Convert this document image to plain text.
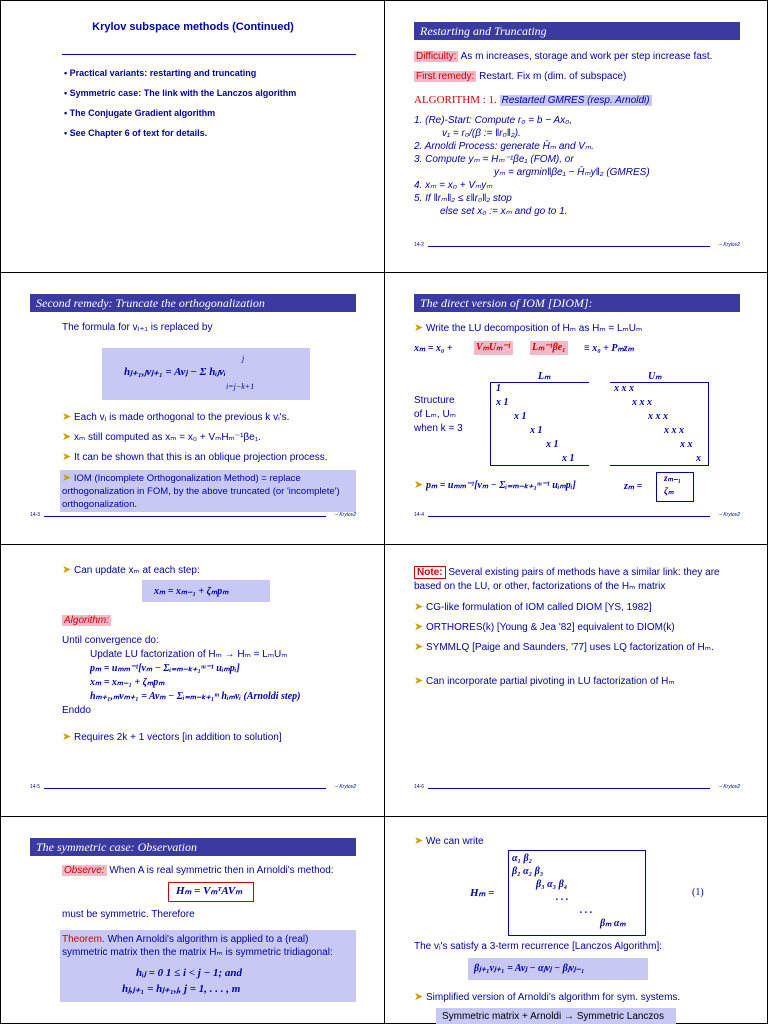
Krylov subspace methods (Continued)
• Practical variants: restarting and truncating
• Symmetric case: The link with the Lanczos algorithm
• The Conjugate Gradient algorithm
• See Chapter 6 of text for details.
Restarting and Truncating
Difficulty: As m increases, storage and work per step increase fast.
First remedy: Restart. Fix m (dim. of subspace)
ALGORITHM : 1. Restarted GMRES (resp. Arnoldi)
1. (Re)-Start: Compute r₀ = b − Ax₀,
v₁ = r₀/(β := ‖r₀‖₂).
2. Arnoldi Process: generate H̄ₘ and Vₘ.
3. Compute yₘ = Hₘ⁻¹βe₁ (FOM), or
yₘ = argmin‖βe₁ − H̄ₘy‖₂ (GMRES)
4. xₘ = x₀ + Vₘyₘ
5. If ‖rₘ‖₂ ≤ ε‖r₀‖₂ stop
else set x₀ := xₘ and go to 1.
14-2	– Krylov2
Second remedy: Truncate the orthogonalization
The formula for vⱼ₊₁ is replaced by
hⱼ₊₁,ⱼvⱼ₊₁ = Avⱼ − Σ hᵢⱼvᵢ
j
i=j−k+1
➤ Each vⱼ is made orthogonal to the previous k vᵢ's.
➤ xₘ still computed as xₘ = x₀ + VₘHₘ⁻¹βe₁.
➤ It can be shown that this is an oblique projection process.
➤ IOM (Incomplete Orthogonalization Method) = replace orthogonalization in FOM, by the above truncated (or 'incomplete') orthogonalization.
14-3	– Krylov2
The direct version of IOM [DIOM]:
➤ Write the LU decomposition of Hₘ as Hₘ = LₘUₘ
xₘ = x₀ + VₘUₘ⁻¹ Lₘ⁻¹βe₁ ≡ x₀ + Pₘzₘ
Lₘ	Uₘ
Structure
of Lₘ, Uₘ
when k = 3
1
x 1
x 1
x 1
x 1
x 1
x x x
x x x
x x x
x x x
x x
x
➤ pₘ = uₘₘ⁻¹[vₘ − Σᵢ₌ₘ₋ₖ₊₁ᵐ⁻¹ uᵢₘpᵢ]	zₘ =
zₘ₋₁
ζₘ
14-4	– Krylov2
➤ Can update xₘ at each step:
xₘ = xₘ₋₁ + ζₘpₘ
Algorithm:
Until convergence do:
Update LU factorization of Hₘ → Hₘ = LₘUₘ
pₘ = uₘₘ⁻¹[vₘ − Σᵢ₌ₘ₋ₖ₊₁ᵐ⁻¹ uᵢₘpᵢ]
xₘ = xₘ₋₁ + ζₘpₘ
hₘ₊₁,ₘvₘ₊₁ = Avₘ − Σᵢ₌ₘ₋ₖ₊₁ᵐ hᵢₘvᵢ (Arnoldi step)
Enddo
➤ Requires 2k + 1 vectors [in addition to solution]
14-5	– Krylov2
Note: Several existing pairs of methods have a similar link: they are based on the LU, or other, factorizations of the Hₘ matrix
➤ CG-like formulation of IOM called DIOM [YS, 1982]
➤ ORTHORES(k) [Young & Jea '82] equivalent to DIOM(k)
➤ SYMMLQ [Paige and Saunders, '77] uses LQ factorization of Hₘ.
➤ Can incorporate partial pivoting in LU factorization of Hₘ
14-6	– Krylov2
The symmetric case: Observation
Observe: When A is real symmetric then in Arnoldi's method:
Hₘ = VₘᵀAVₘ
must be symmetric. Therefore
Theorem. When Arnoldi's algorithm is applied to a (real) symmetric matrix then the matrix Hₘ is symmetric tridiagonal:
hᵢⱼ = 0 1 ≤ i < j − 1; and
hⱼ,ⱼ₊₁ = hⱼ₊₁,ⱼ, j = 1, . . . , m
➤ We can write
Hₘ =
α₁ β₂
β₂ α₂ β₃
β₃ α₃ β₄
. . .
. . .
βₘ αₘ
(1)
The vᵢ's satisfy a 3-term recurrence [Lanczos Algorithm]:
βⱼ₊₁vⱼ₊₁ = Avⱼ − αⱼvⱼ − βⱼvⱼ₋₁
➤ Simplified version of Arnoldi's algorithm for sym. systems.
Symmetric matrix + Arnoldi → Symmetric Lanczos
